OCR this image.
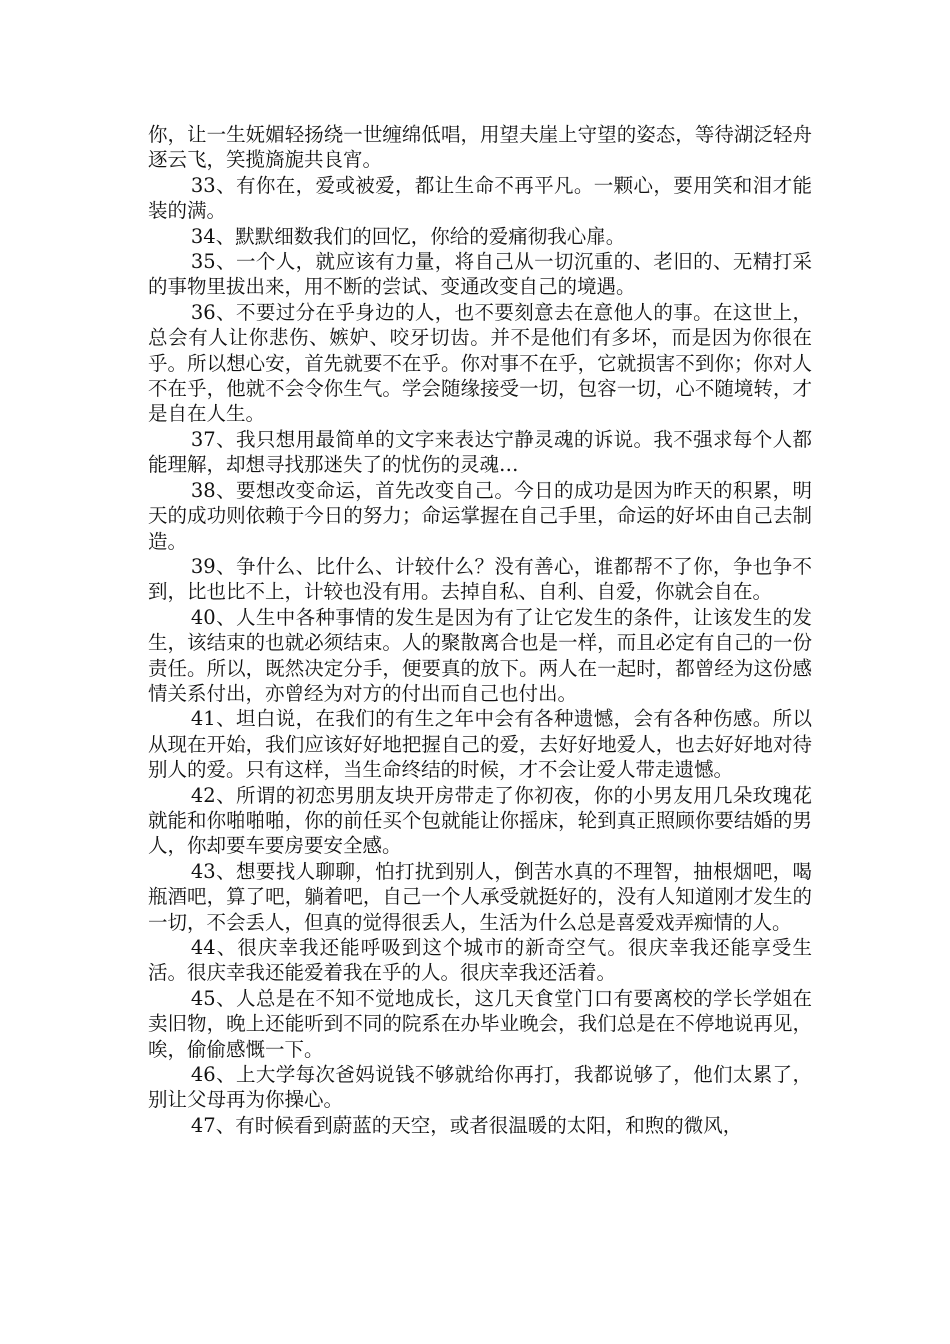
你，让一生妩媚轻扬绕一世缠绵低唱，用望夫崖上守望的姿态，等待湖泛轻舟逐云飞，笑揽旖旎共良宵。

33、有你在，爱或被爱，都让生命不再平凡。一颗心，要用笑和泪才能装的满。

34、默默细数我们的回忆，你给的爱痛彻我心扉。

35、一个人，就应该有力量，将自己从一切沉重的、老旧的、无精打采的事物里拔出来，用不断的尝试、变通改变自己的境遇。

36、不要过分在乎身边的人，也不要刻意去在意他人的事。在这世上，总会有人让你悲伤、嫉妒、咬牙切齿。并不是他们有多坏，而是因为你很在乎。所以想心安，首先就要不在乎。你对事不在乎，它就损害不到你；你对人不在乎，他就不会令你生气。学会随缘接受一切，包容一切，心不随境转，才是自在人生。

37、我只想用最简单的文字来表达宁静灵魂的诉说。我不强求每个人都能理解，却想寻找那迷失了的忧伤的灵魂…

38、要想改变命运，首先改变自己。今日的成功是因为昨天的积累，明天的成功则依赖于今日的努力；命运掌握在自己手里，命运的好坏由自己去制造。

39、争什么、比什么、计较什么？没有善心，谁都帮不了你，争也争不到，比也比不上，计较也没有用。去掉自私、自利、自爱，你就会自在。

40、人生中各种事情的发生是因为有了让它发生的条件，让该发生的发生，该结束的也就必须结束。人的聚散离合也是一样，而且必定有自己的一份责任。所以，既然决定分手，便要真的放下。两人在一起时，都曾经为这份感情关系付出，亦曾经为对方的付出而自己也付出。

41、坦白说，在我们的有生之年中会有各种遗憾，会有各种伤感。所以从现在开始，我们应该好好地把握自己的爱，去好好地爱人，也去好好地对待别人的爱。只有这样，当生命终结的时候，才不会让爱人带走遗憾。

42、所谓的初恋男朋友块开房带走了你初夜，你的小男友用几朵玫瑰花就能和你啪啪啪，你的前任买个包就能让你摇床，轮到真正照顾你要结婚的男人，你却要车要房要安全感。

43、想要找人聊聊，怕打扰到别人，倒苦水真的不理智，抽根烟吧，喝瓶酒吧，算了吧，躺着吧，自己一个人承受就挺好的，没有人知道刚才发生的一切，不会丢人，但真的觉得很丢人，生活为什么总是喜爱戏弄痴情的人。

44、很庆幸我还能呼吸到这个城市的新奇空气。很庆幸我还能享受生活。很庆幸我还能爱着我在乎的人。很庆幸我还活着。

45、人总是在不知不觉地成长，这几天食堂门口有要离校的学长学姐在卖旧物，晚上还能听到不同的院系在办毕业晚会，我们总是在不停地说再见，唉，偷偷感慨一下。

46、上大学每次爸妈说钱不够就给你再打，我都说够了，他们太累了，别让父母再为你操心。

47、有时候看到蔚蓝的天空，或者很温暖的太阳，和煦的微风，
